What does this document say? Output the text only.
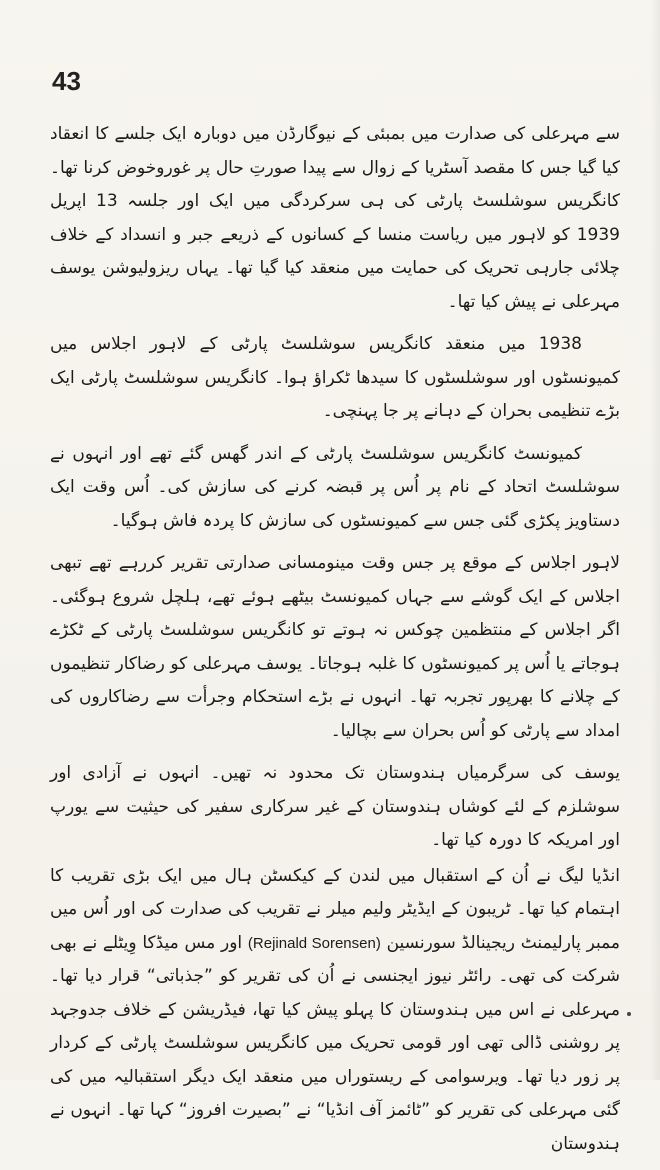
43

سے مہرعلی کی صدارت میں بمبئی کے نیوگارڈن میں دوبارہ ایک جلسے کا انعقاد کیا گیا جس کا مقصد آسٹریا کے زوال سے پیدا صورتِ حال پر غوروخوض کرنا تھا۔ کانگریس سوشلسٹ پارٹی کی ہی سرکردگی میں ایک اور جلسہ 13 اپریل 1939 کو لاہور میں ریاست منسا کے کسانوں کے ذریعے جبر و انسداد کے خلاف چلائی جارہی تحریک کی حمایت میں منعقد کیا گیا تھا۔ یہاں ریزولیوشن یوسف مہرعلی نے پیش کیا تھا۔

1938 میں منعقد کانگریس سوشلسٹ پارٹی کے لاہور اجلاس میں کمیونسٹوں اور سوشلسٹوں کا سیدھا ٹکراؤ ہوا۔ کانگریس سوشلسٹ پارٹی ایک بڑے تنظیمی بحران کے دہانے پر جا پہنچی۔

کمیونسٹ کانگریس سوشلسٹ پارٹی کے اندر گھس گئے تھے اور انہوں نے سوشلسٹ اتحاد کے نام پر اُس پر قبضہ کرنے کی سازش کی۔ اُس وقت ایک دستاویز پکڑی گئی جس سے کمیونسٹوں کی سازش کا پردہ فاش ہوگیا۔

لاہور اجلاس کے موقع پر جس وقت مینومسانی صدارتی تقریر کررہے تھے تبھی اجلاس کے ایک گوشے سے جہاں کمیونسٹ بیٹھے ہوئے تھے، ہلچل شروع ہوگئی۔ اگر اجلاس کے منتظمین چوکس نہ ہوتے تو کانگریس سوشلسٹ پارٹی کے ٹکڑے ہوجاتے یا اُس پر کمیونسٹوں کا غلبہ ہوجاتا۔ یوسف مہرعلی کو رضاکار تنظیموں کے چلانے کا بھرپور تجربہ تھا۔ انہوں نے بڑے استحکام وجرأت سے رضاکاروں کی امداد سے پارٹی کو اُس بحران سے بچالیا۔

یوسف کی سرگرمیاں ہندوستان تک محدود نہ تھیں۔ انہوں نے آزادی اور سوشلزم کے لئے کوشاں ہندوستان کے غیر سرکاری سفیر کی حیثیت سے یورپ اور امریکہ کا دورہ کیا تھا۔

انڈیا لیگ نے اُن کے استقبال میں لندن کے کیکسٹن ہال میں ایک بڑی تقریب کا اہتمام کیا تھا۔ ٹریبون کے ایڈیٹر ولیم میلر نے تقریب کی صدارت کی اور اُس میں ممبر پارلیمنٹ ریجینالڈ سورنسین (Rejinald Sorensen) اور مس میڈکا وِیٹلے نے بھی شرکت کی تھی۔ رائٹر نیوز ایجنسی نے اُن کی تقریر کو ”جذباتی“ قرار دیا تھا۔ مہرعلی نے اس میں ہندوستان کا پہلو پیش کیا تھا، فیڈریشن کے خلاف جدوجہد پر روشنی ڈالی تھی اور قومی تحریک میں کانگریس سوشلسٹ پارٹی کے کردار پر زور دیا تھا۔ ویرسوامی کے ریستوراں میں منعقد ایک دیگر استقبالیہ میں کی گئی مہرعلی کی تقریر کو ”ٹائمز آف انڈیا“ نے ”بصیرت افروز“ کہا تھا۔ انہوں نے ہندوستان
